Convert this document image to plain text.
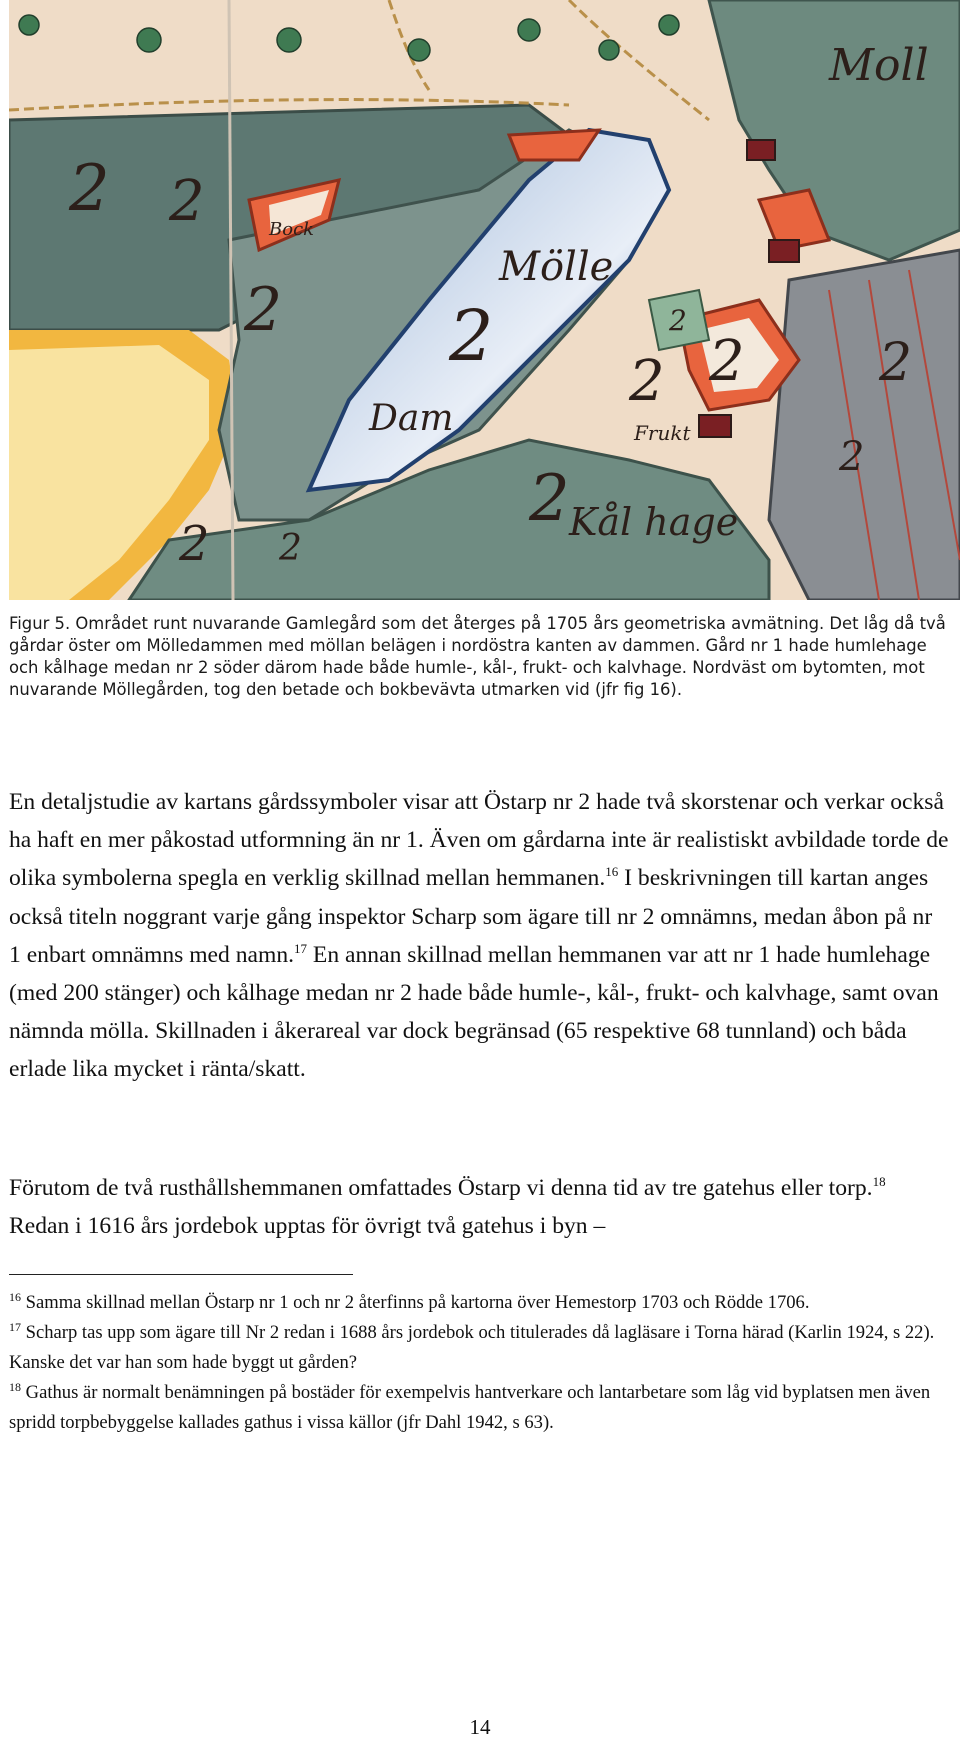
Moll
2 2	Bock
2
Mölle
2
Dam
2 Kål hage
2 2	2
Frukt
2 2
2
2

Figur 5. Området runt nuvarande Gamlegård som det återges på 1705 års geometriska avmätning. Det låg då två gårdar öster om Mölledammen med möllan belägen i nordöstra kanten av dammen. Gård nr 1 hade humlehage och kålhage medan nr 2 söder därom hade både humle-, kål-, frukt- och kalvhage. Nordväst om bytomten, mot nuvarande Möllegården, tog den betade och bokbevävta utmarken vid (jfr fig 16).

En detaljstudie av kartans gårdssymboler visar att Östarp nr 2 hade två skorstenar och verkar också ha haft en mer påkostad utformning än nr 1. Även om gårdarna inte är realistiskt avbildade torde de olika symbolerna spegla en verklig skillnad mellan hemmanen.$^{16}$ I beskrivningen till kartan anges också titeln noggrant varje gång inspektor Scharp som ägare till nr 2 omnämns, medan åbon på nr 1 enbart omnämns med namn.$^{17}$ En annan skillnad mellan hemmanen var att nr 1 hade humlehage (med 200 stänger) och kålhage medan nr 2 hade både humle-, kål-, frukt- och kalvhage, samt ovan nämnda mölla. Skillnaden i åkerareal var dock begränsad (65 respektive 68 tunnland) och båda erlade lika mycket i ränta/skatt.

Förutom de två rusthållshemmanen omfattades Östarp vi denna tid av tre gatehus eller torp.$^{18}$ Redan i 1616 års jordebok upptas för övrigt två gatehus i byn –

$^{16}$ Samma skillnad mellan Östarp nr 1 och nr 2 återfinns på kartorna över Hemestorp 1703 och Rödde 1706.

$^{17}$ Scharp tas upp som ägare till Nr 2 redan i 1688 års jordebok och titulerades då lagläsare i Torna härad (Karlin 1924, s 22). Kanske det var han som hade byggt ut gården?

$^{18}$ Gathus är normalt benämningen på bostäder för exempelvis hantverkare och lantarbetare som låg vid byplatsen men även spridd torpbebyggelse kallades gathus i vissa källor (jfr Dahl 1942, s 63).

14
